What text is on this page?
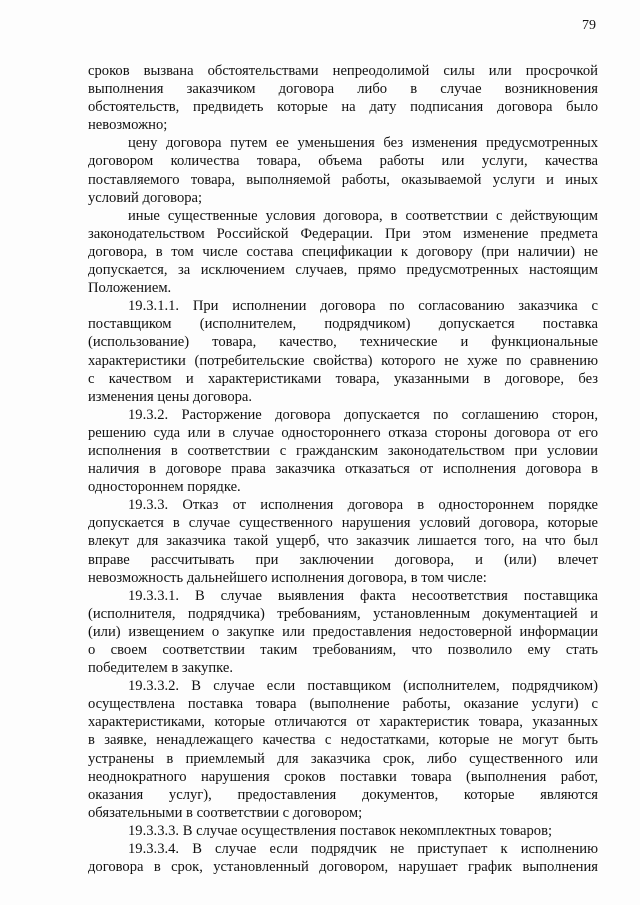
79
сроков вызвана обстоятельствами непреодолимой силы или просрочкой
выполнения заказчиком договора либо в случае возникновения
обстоятельств, предвидеть которые на дату подписания договора было
невозможно;
цену договора путем ее уменьшения без изменения предусмотренных
договором количества товара, объема работы или услуги, качества
поставляемого товара, выполняемой работы, оказываемой услуги и иных
условий договора;
иные существенные условия договора, в соответствии с действующим
законодательством Российской Федерации. При этом изменение предмета
договора, в том числе состава спецификации к договору (при наличии) не
допускается, за исключением случаев, прямо предусмотренных настоящим
Положением.
19.3.1.1. При исполнении договора по согласованию заказчика с
поставщиком (исполнителем, подрядчиком) допускается поставка
(использование) товара, качество, технические и функциональные
характеристики (потребительские свойства) которого не хуже по сравнению
с качеством и характеристиками товара, указанными в договоре, без
изменения цены договора.
19.3.2. Расторжение договора допускается по соглашению сторон,
решению суда или в случае одностороннего отказа стороны договора от его
исполнения в соответствии с гражданским законодательством при условии
наличия в договоре права заказчика отказаться от исполнения договора в
одностороннем порядке.
19.3.3. Отказ от исполнения договора в одностороннем порядке
допускается в случае существенного нарушения условий договора, которые
влекут для заказчика такой ущерб, что заказчик лишается того, на что был
вправе рассчитывать при заключении договора, и (или) влечет
невозможность дальнейшего исполнения договора, в том числе:
19.3.3.1. В случае выявления факта несоответствия поставщика
(исполнителя, подрядчика) требованиям, установленным документацией и
(или) извещением о закупке или предоставления недостоверной информации
о своем соответствии таким требованиям, что позволило ему стать
победителем в закупке.
19.3.3.2. В случае если поставщиком (исполнителем, подрядчиком)
осуществлена поставка товара (выполнение работы, оказание услуги) с
характеристиками, которые отличаются от характеристик товара, указанных
в заявке, ненадлежащего качества с недостатками, которые не могут быть
устранены в приемлемый для заказчика срок, либо существенного или
неоднократного нарушения сроков поставки товара (выполнения работ,
оказания услуг), предоставления документов, которые являются
обязательными в соответствии с договором;
19.3.3.3. В случае осуществления поставок некомплектных товаров;
19.3.3.4. В случае если подрядчик не приступает к исполнению
договора в срок, установленный договором, нарушает график выполнения
